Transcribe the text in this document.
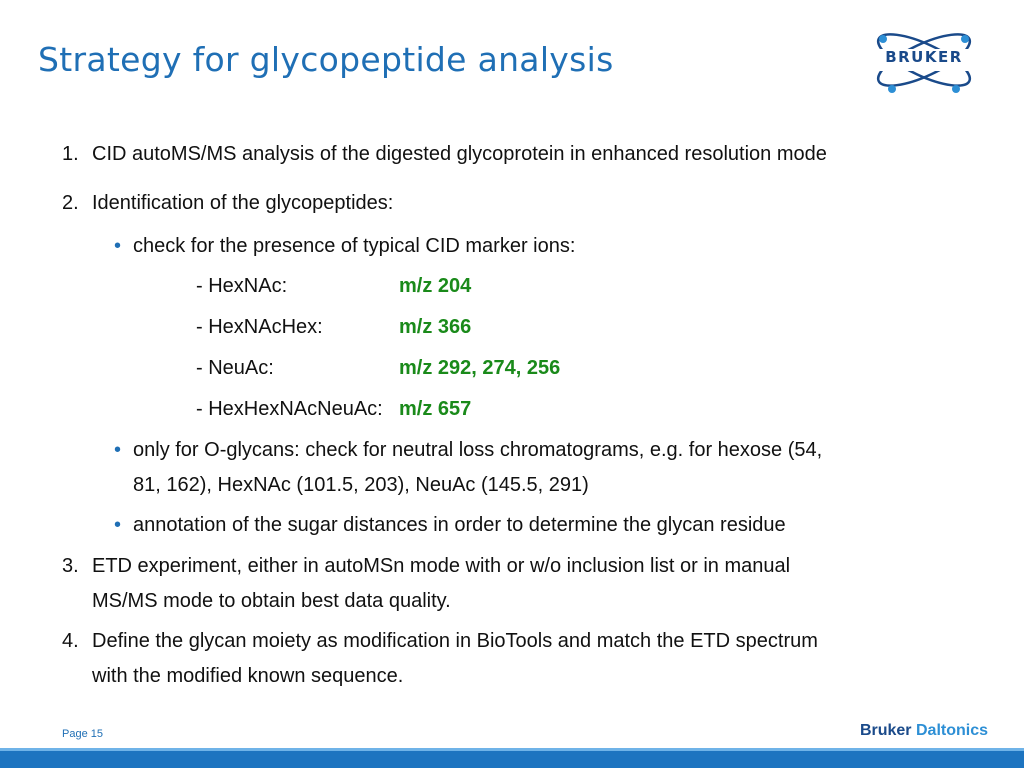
Strategy for glycopeptide analysis	BRUKER
1. CID autoMS/MS analysis of the digested glycoprotein in enhanced resolution mode
2. Identification of the glycopeptides:
• check for the presence of typical CID marker ions:
- HexNAc:	m/z 204
- HexNAcHex:	m/z 366
- NeuAc:	m/z 292, 274, 256
- HexHexNAcNeuAc: m/z 657
• only for O-glycans: check for neutral loss chromatograms, e.g. for hexose (54,
81, 162), HexNAc (101.5, 203), NeuAc (145.5, 291)
• annotation of the sugar distances in order to determine the glycan residue
3. ETD experiment, either in autoMSn mode with or w/o inclusion list or in manual
MS/MS mode to obtain best data quality.
4. Define the glycan moiety as modification in BioTools and match the ETD spectrum
with the modified known sequence.
Page 15	Bruker Daltonics
